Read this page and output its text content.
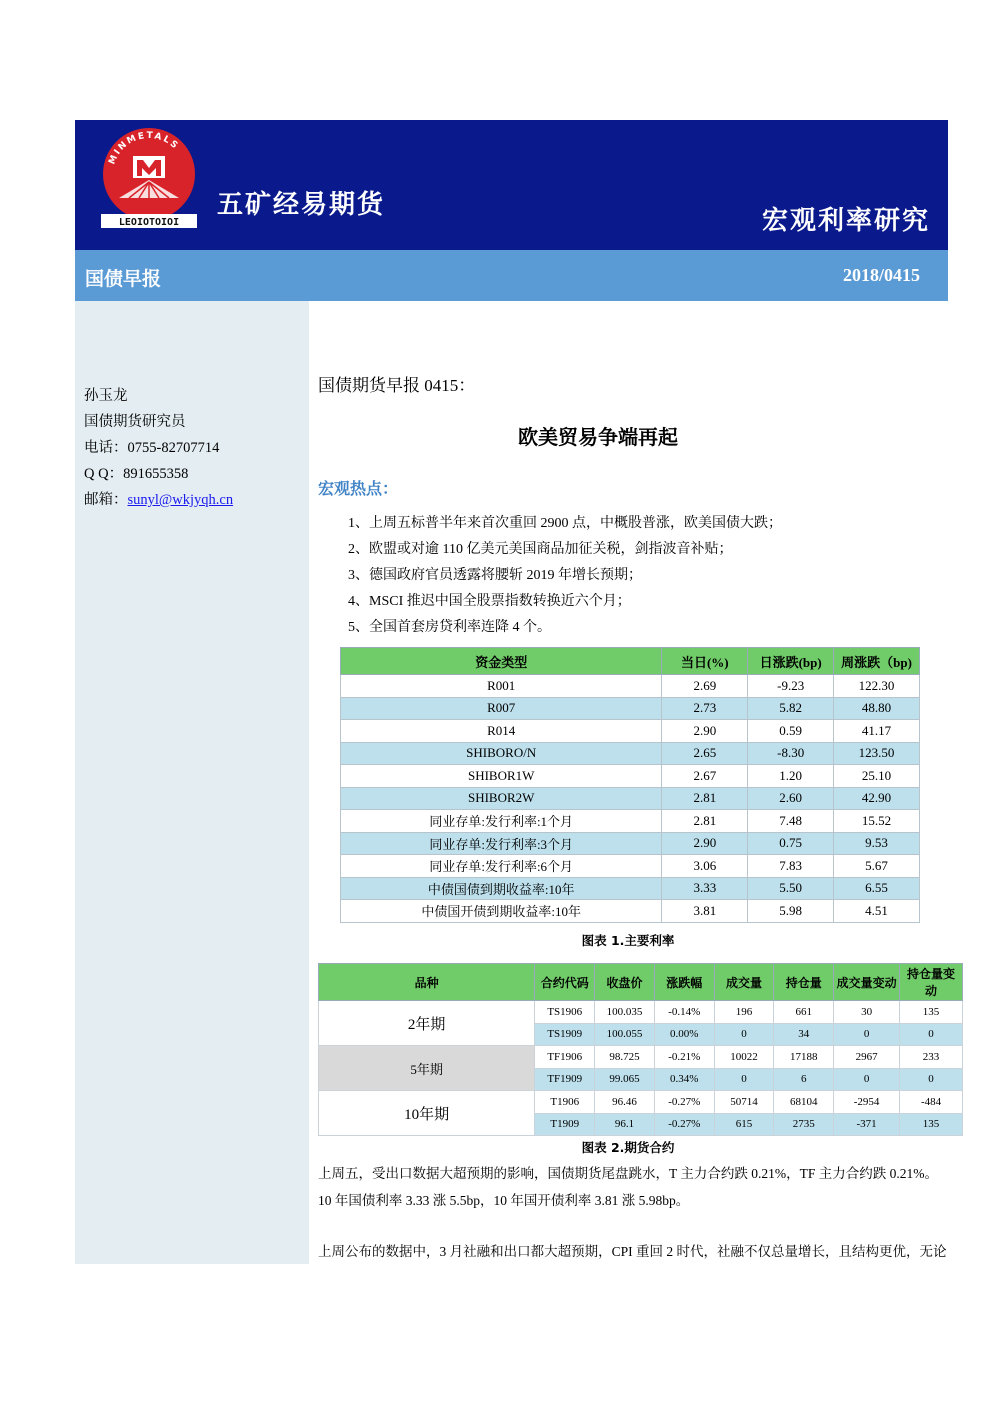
MINMETALS
LEOIOTOIOI
五矿经易期货
宏观利率研究
国债早报	2018/0415
孙玉龙
国债期货研究员
电话：0755-82707714
Q Q：891655358
邮箱：sunyl@wkjyqh.cn
国债期货早报 0415：
欧美贸易争端再起
宏观热点：
1、上周五标普半年来首次重回 2900 点，中概股普涨，欧美国债大跌；
2、欧盟或对逾 110 亿美元美国商品加征关税，剑指波音补贴；
3、德国政府官员透露将腰斩 2019 年增长预期；
4、MSCI 推迟中国全股票指数转换近六个月；
5、全国首套房贷利率连降 4 个。
资金类型	当日(%)	日涨跌(bp)	周涨跌（bp)
R001	2.69	-9.23	122.30
R007	2.73	5.82	48.80
R014	2.90	0.59	41.17
SHIBORO/N	2.65	-8.30	123.50
SHIBOR1W	2.67	1.20	25.10
SHIBOR2W	2.81	2.60	42.90
同业存单:发行利率:1个月	2.81	7.48	15.52
同业存单:发行利率:3个月	2.90	0.75	9.53
同业存单:发行利率:6个月	3.06	7.83	5.67
中债国债到期收益率:10年	3.33	5.50	6.55
中债国开债到期收益率:10年	3.81	5.98	4.51
图表 1.主要利率
品种	合约代码	收盘价	涨跌幅	成交量	持仓量	成交量变动	持仓量变动
2年期	TS1906	100.035	-0.14%	196	661	30	135
	TS1909	100.055	0.00%	0	34	0	0
5年期	TF1906	98.725	-0.21%	10022	17188	2967	233
	TF1909	99.065	0.34%	0	6	0	0
10年期	T1906	96.46	-0.27%	50714	68104	-2954	-484
	T1909	96.1	-0.27%	615	2735	-371	135
图表 2.期货合约
上周五，受出口数据大超预期的影响，国债期货尾盘跳水，T 主力合约跌 0.21%，TF 主力合约跌 0.21%。10 年国债利率 3.33 涨 5.5bp，10 年国开债利率 3.81 涨 5.98bp。
上周公布的数据中，3 月社融和出口都大超预期，CPI 重回 2 时代，社融不仅总量增长，且结构更优，无论
